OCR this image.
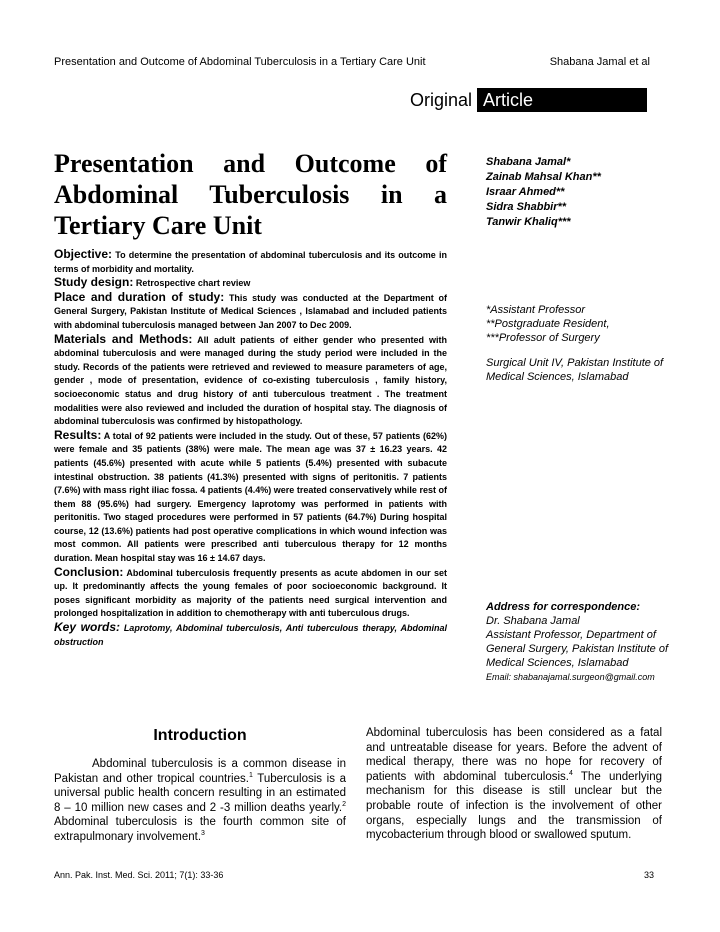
Presentation and Outcome of Abdominal Tuberculosis in a Tertiary Care Unit	Shabana Jamal et al
Original Article
Presentation and Outcome of
Abdominal Tuberculosis in a
Tertiary Care Unit
Shabana Jamal*
Zainab Mahsal Khan**
Israar Ahmed**
Sidra Shabbir**
Tanwir Khaliq***

Objective: To determine the presentation of abdominal tuberculosis and its outcome in terms of morbidity and mortality.

Study design: Retrospective chart review

Place and duration of study: This study was conducted at the Department of General Surgery, Pakistan Institute of Medical Sciences , Islamabad and included patients with abdominal tuberculosis managed between Jan 2007 to Dec 2009.

Materials and Methods: All adult patients of either gender who presented with abdominal tuberculosis and were managed during the study period were included in the study. Records of the patients were retrieved and reviewed to measure parameters of age, gender , mode of presentation, evidence of co-existing tuberculosis , family history, socioeconomic status and drug history of anti tuberculous treatment . The treatment modalities were also reviewed and included the duration of hospital stay. The diagnosis of abdominal tuberculosis was confirmed by histopathology.

Results: A total of 92 patients were included in the study. Out of these, 57 patients (62%) were female and 35 patients (38%) were male. The mean age was 37 ± 16.23 years. 42 patients (45.6%) presented with acute while 5 patients (5.4%) presented with subacute intestinal obstruction. 38 patients (41.3%) presented with signs of peritonitis. 7 patients (7.6%) with mass right iliac fossa. 4 patients (4.4%) were treated conservatively while rest of them 88 (95.6%) had surgery. Emergency laprotomy was performed in patients with peritonitis. Two staged procedures were performed in 57 patients (64.7%) During hospital course, 12 (13.6%) patients had post operative complications in which wound infection was most common. All patients were prescribed anti tuberculous therapy for 12 months duration. Mean hospital stay was 16 ± 14.67 days.

Conclusion: Abdominal tuberculosis frequently presents as acute abdomen in our set up. It predominantly affects the young females of poor socioeconomic background. It poses significant morbidity as majority of the patients need surgical intervention and prolonged hospitalization in addition to chemotherapy with anti tuberculous drugs.

Key words: Laprotomy, Abdominal tuberculosis, Anti tuberculous therapy, Abdominal obstruction

*Assistant Professor
**Postgraduate Resident,
***Professor of Surgery
Surgical Unit IV, Pakistan Institute of Medical Sciences, Islamabad
Address for correspondence:
Dr. Shabana Jamal
Assistant Professor, Department of General Surgery, Pakistan Institute of Medical Sciences, Islamabad
Email: shabanajamal.surgeon@gmail.com
Introduction

Abdominal tuberculosis is a common disease in Pakistan and other tropical countries.$^1$ Tuberculosis is a universal public health concern resulting in an estimated 8 – 10 million new cases and 2 -3 million deaths yearly.$^2$ Abdominal tuberculosis is the fourth common site of extrapulmonary involvement.$^3$

Abdominal tuberculosis has been considered as a fatal and untreatable disease for years. Before the advent of medical therapy, there was no hope for recovery of patients with abdominal tuberculosis.$^4$ The underlying mechanism for this disease is still unclear but the probable route of infection is the involvement of other organs, especially lungs and the transmission of mycobacterium through blood or swallowed sputum.
Ann. Pak. Inst. Med. Sci. 2011; 7(1): 33-36	33
